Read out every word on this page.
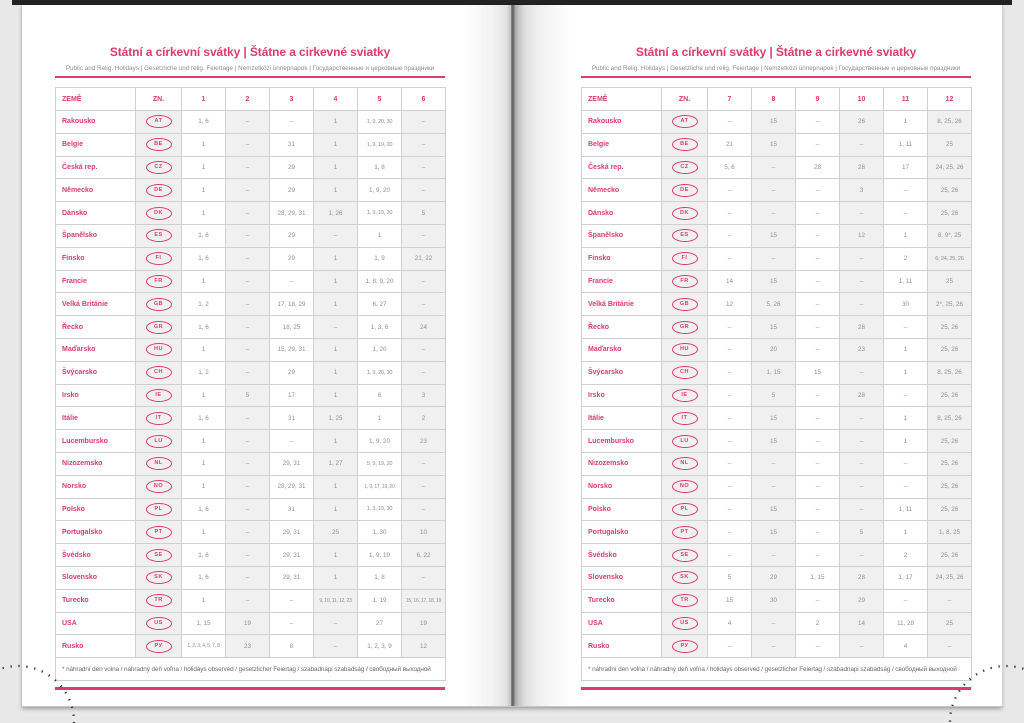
Státní a církevní svátky | Štátne a cirkevné sviatky
Public and Relig. Holidays | Gesetzliche und relig. Feiertage | Nemzetközi ünnepnapok | Государственные и церковные праздники
ZEMĚ	ZN.	1	2	3	4	5	6
Rakousko	AT	1, 6	–	–	1	1, 9, 20, 30	–
Belgie	BE	1	–	31	1	1, 9, 19, 20	–
Česká rep.	CZ	1	–	29	1	1, 8	–
Německo	DE	1	–	29	1	1, 9, 20	–
Dánsko	DK	1	–	28, 29, 31	1, 26	1, 9, 19, 20	5
Španělsko	ES	1, 6	–	29	–	1	–
Finsko	FI	1, 6	–	29	1	1, 9	21, 22
Francie	FR	1	–	–	1	1, 8, 9, 20	–
Velká Británie	GB	1, 2	–	17, 18, 29	1	6, 27	–
Řecko	GR	1, 6	–	18, 25	–	1, 3, 6	24
Maďarsko	HU	1	–	15, 29, 31	1	1, 20	–
Švýcarsko	CH	1, 2	–	29	1	1, 9, 20, 30	–
Irsko	IE	1	5	17	1	6	3
Itálie	IT	1, 6	–	31	1, 25	1	2
Lucembursko	LU	1	–	–	1	1, 9, 20	23
Nizozemsko	NL	1	–	29, 31	1, 27	5, 9, 19, 20	–
Norsko	NO	1	–	28, 29, 31	1	1, 9, 17, 19, 20	–
Polsko	PL	1, 6	–	31	1	1, 3, 19, 30	–
Portugalsko	PT	1	–	29, 31	25	1, 30	10
Švédsko	SE	1, 6	–	29, 31	1	1, 9, 19	6, 22
Slovensko	SK	1, 6	–	29, 31	1	1, 8	–
Turecko	TR	1	–	–	9, 10, 11, 12, 23	1, 19	15, 16, 17, 18, 19
USA	US	1, 15	19	–	–	27	19
Rusko	РУ	1, 2, 3, 4, 5, 7, 8	23	8	–	1, 2, 3, 9	12
* náhradní den volna / náhradný deň voľna / holidays observed / gesetzlicher Feiertag / szabadnapi szabadság / свободный выходной							
Státní a církevní svátky | Štátne a cirkevné sviatky
Public and Relig. Holidays | Gesetzliche und relig. Feiertage | Nemzetközi ünnepnapok | Государственные и церковные праздники
ZEMĚ	ZN.	7	8	9	10	11	12
Rakousko	AT	–	15	–	26	1	8, 25, 26
Belgie	BE	21	15	–	–	1, 11	25
Česká rep.	CZ	5, 6	–	28	28	17	24, 25, 26
Německo	DE	–	–	–	3	–	25, 26
Dánsko	DK	–	–	–	–	–	25, 26
Španělsko	ES	–	15	–	12	1	8, 9*, 25
Finsko	FI	–	–	–	–	2	6, 24, 25, 26
Francie	FR	14	15	–	–	1, 11	25
Velká Británie	GB	12	5, 26	–	–	30	2*, 25, 26
Řecko	GR	–	15	–	28	–	25, 26
Maďarsko	HU	–	20	–	23	1	25, 26
Švýcarsko	CH	–	1, 15	15	–	1	8, 25, 26
Irsko	IE	–	5	–	28	–	25, 26
Itálie	IT	–	15	–	–	1	8, 25, 26
Lucembursko	LU	–	15	–	–	1	25, 26
Nizozemsko	NL	–	–	–	–	–	25, 26
Norsko	NO	–	–	–	–	–	25, 26
Polsko	PL	–	15	–	–	1, 11	25, 26
Portugalsko	PT	–	15	–	5	1	1, 8, 25
Švédsko	SE	–	–	–	–	2	25, 26
Slovensko	SK	5	29	1, 15	28	1, 17	24, 25, 26
Turecko	TR	15	30	–	29	–	–
USA	US	4	–	2	14	11, 28	25
Rusko	РУ	–	–	–	–	4	–
* náhradní den volna / náhradný deň voľna / holidays observed / gesetzlicher Feiertag / szabadnapi szabadság / свободный выходной							
